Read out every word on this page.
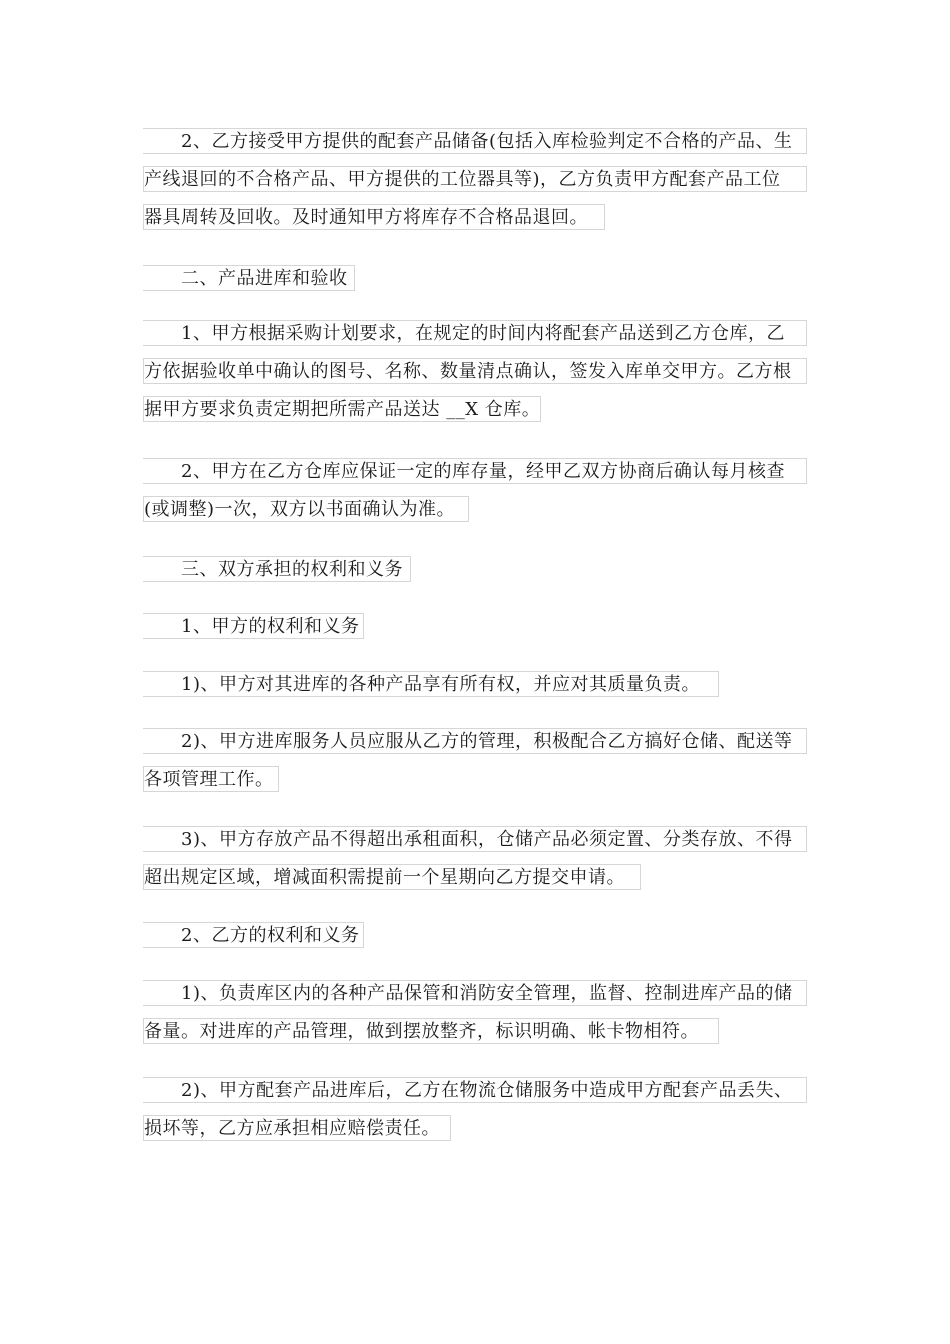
2、乙方接受甲方提供的配套产品储备(包括入库检验判定不合格的产品、生
产线退回的不合格产品、甲方提供的工位器具等)，乙方负责甲方配套产品工位
器具周转及回收。及时通知甲方将库存不合格品退回。
二、产品进库和验收
1、甲方根据采购计划要求，在规定的时间内将配套产品送到乙方仓库，乙
方依据验收单中确认的图号、名称、数量清点确认，签发入库单交甲方。乙方根
据甲方要求负责定期把所需产品送达 __X 仓库。
2、甲方在乙方仓库应保证一定的库存量，经甲乙双方协商后确认每月核查
(或调整)一次，双方以书面确认为准。
三、双方承担的权利和义务
1、甲方的权利和义务
1)、甲方对其进库的各种产品享有所有权，并应对其质量负责。
2)、甲方进库服务人员应服从乙方的管理，积极配合乙方搞好仓储、配送等
各项管理工作。
3)、甲方存放产品不得超出承租面积，仓储产品必须定置、分类存放、不得
超出规定区域，增减面积需提前一个星期向乙方提交申请。
2、乙方的权利和义务
1)、负责库区内的各种产品保管和消防安全管理，监督、控制进库产品的储
备量。对进库的产品管理，做到摆放整齐，标识明确、帐卡物相符。
2)、甲方配套产品进库后，乙方在物流仓储服务中造成甲方配套产品丢失、
损坏等，乙方应承担相应赔偿责任。
